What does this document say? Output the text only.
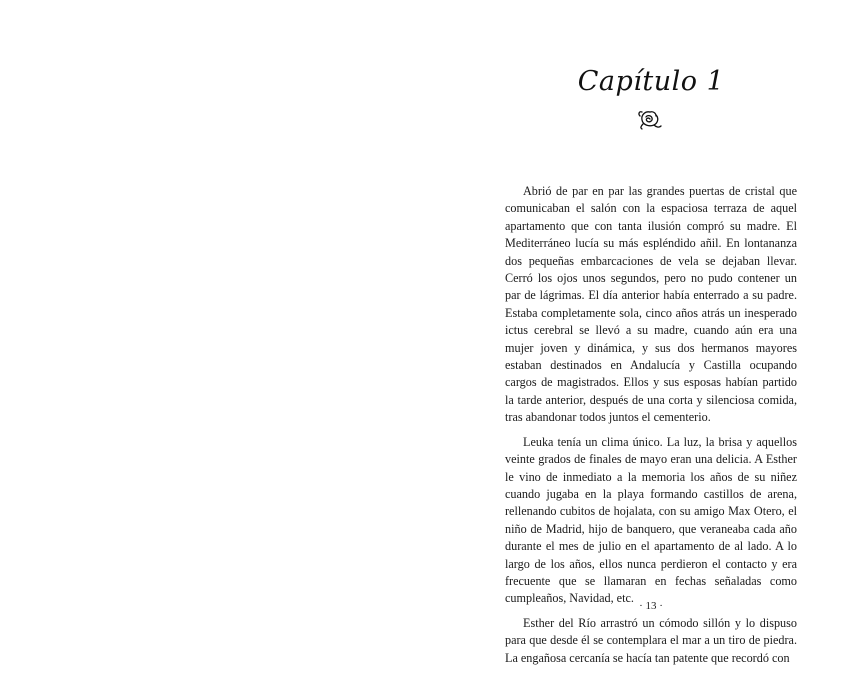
Capítulo 1

Abrió de par en par las grandes puertas de cristal que comunicaban el salón con la espaciosa terraza de aquel apartamento que con tanta ilusión compró su madre. El Mediterráneo lucía su más espléndido añil. En lontananza dos pequeñas embarcaciones de vela se dejaban llevar. Cerró los ojos unos segundos, pero no pudo contener un par de lágrimas. El día anterior había enterrado a su padre. Estaba completamente sola, cinco años atrás un inesperado ictus cerebral se llevó a su madre, cuando aún era una mujer joven y dinámica, y sus dos hermanos mayores estaban destinados en Andalucía y Castilla ocupando cargos de magistrados. Ellos y sus esposas habían partido la tarde anterior, después de una corta y silenciosa comida, tras abandonar todos juntos el cementerio.

Leuka tenía un clima único. La luz, la brisa y aquellos veinte grados de finales de mayo eran una delicia. A Esther le vino de inmediato a la memoria los años de su niñez cuando jugaba en la playa formando castillos de arena, rellenando cubitos de hojalata, con su amigo Max Otero, el niño de Madrid, hijo de banquero, que veraneaba cada año durante el mes de julio en el apartamento de al lado. A lo largo de los años, ellos nunca perdieron el contacto y era frecuente que se llamaran en fechas señaladas como cumpleaños, Navidad, etc.

Esther del Río arrastró un cómodo sillón y lo dispuso para que desde él se contemplara el mar a un tiro de piedra. La engañosa cercanía se hacía tan patente que recordó con

· 13 ·
